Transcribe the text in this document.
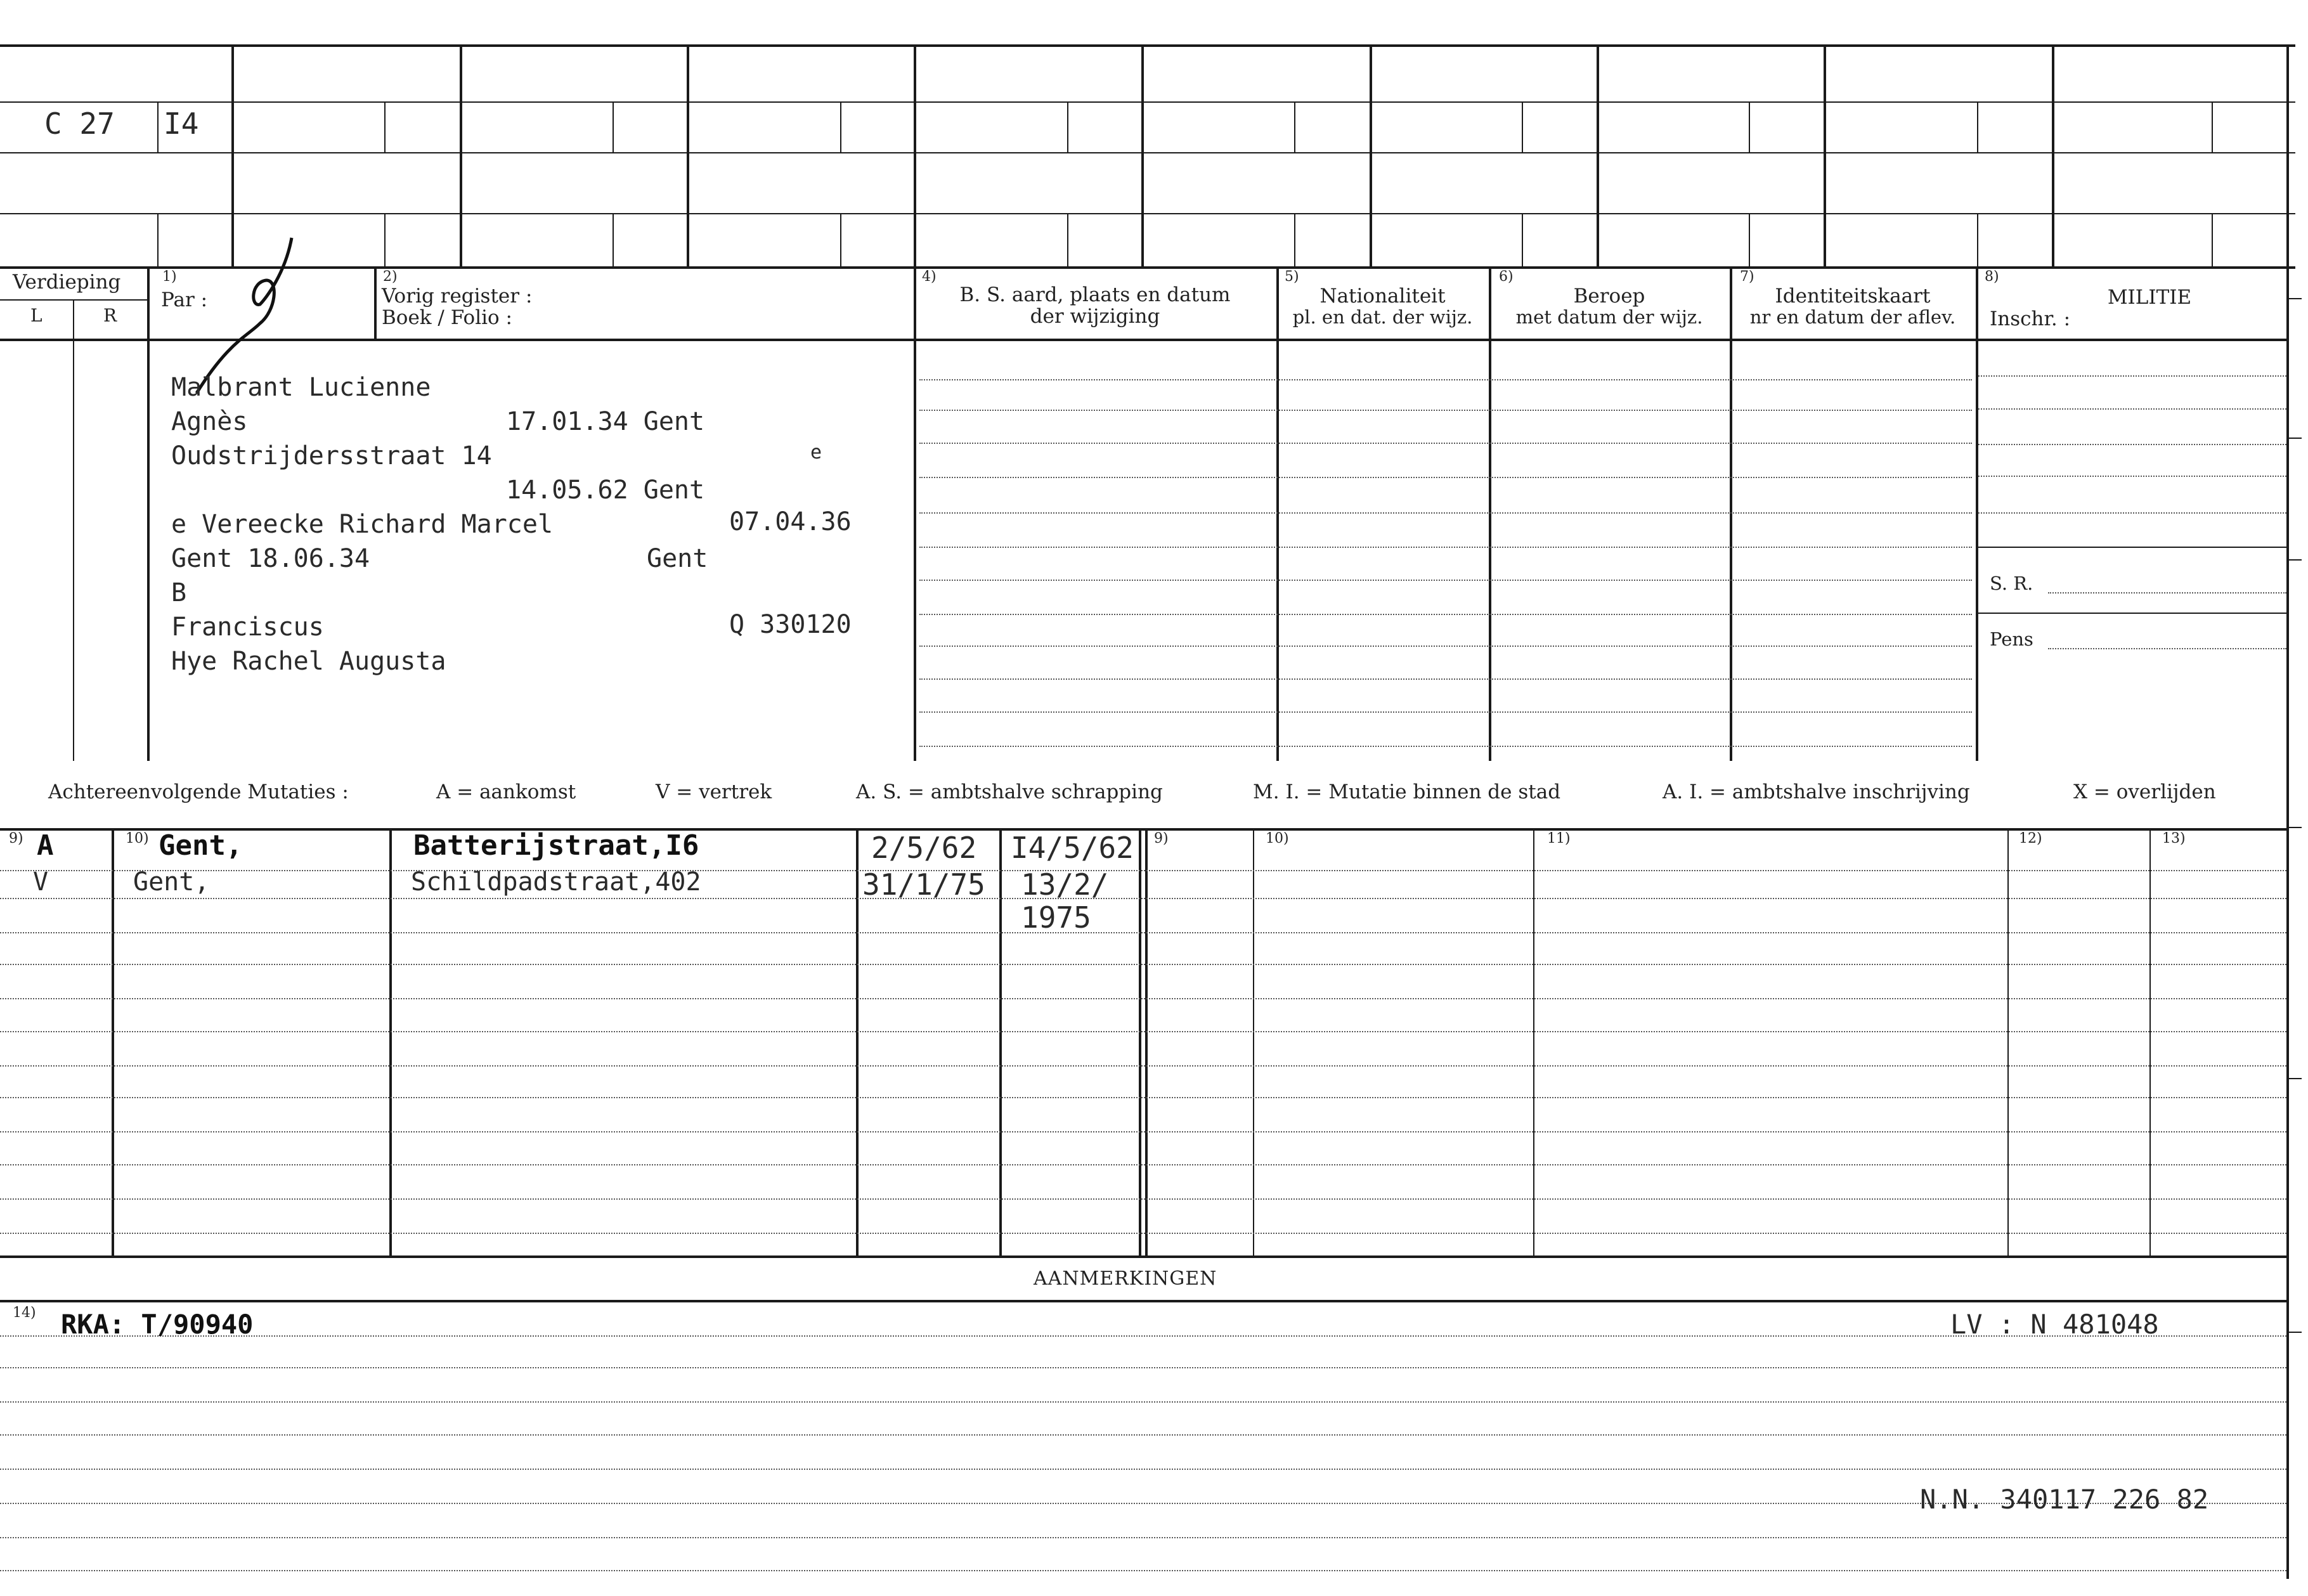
C 27 I4
Verdieping
L	R
1)
Par :
2)
Vorig register :
Boek / Folio :
4)
B. S. aard, plaats en datum
der wijziging
5)
Nationaliteit
pl. en dat. der wijz.
6)
Beroep
met datum der wijz.
7)
Identiteitskaart
nr en datum der aflev.
8)
MILITIE
Inschr. :
S. R.
Pens
Malbrant Lucienne
Agnès	17.01.34 Gent
Oudstrijdersstraat 14	e
14.05.62 Gent
e Vereecke Richard Marcel	07.04.36
Gent 18.06.34	Gent
B
Franciscus	Q 330120
Hye Rachel Augusta
Achtereenvolgende Mutaties :	A = aankomst	V = vertrek	A. S. = ambtshalve schrapping	M. I. = Mutatie binnen de stad	A. I. = ambtshalve inschrijving	X = overlijden
9)	10)	9)	10)	11)	12)	13)
A	Gent,	Batterijstraat,I6	2/5/62 I4/5/62
V	Gent,	Schildpadstraat,402	31/1/75 13/2/
1975
AANMERKINGEN
14) RKA: T/90940	LV : N 481048
N.N. 340117 226 82
